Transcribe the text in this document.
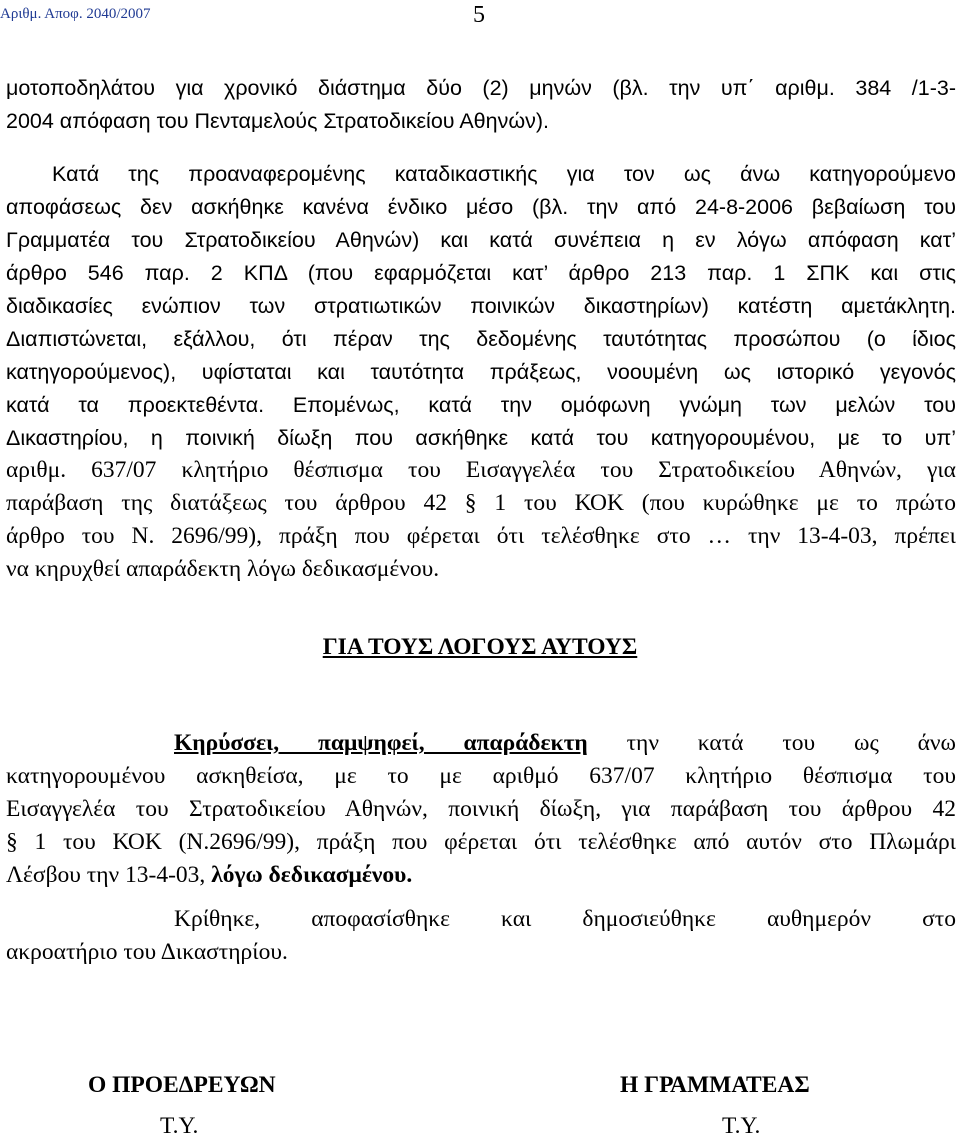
Αριθμ. Αποφ. 2040/2007	5

μοτοποδηλάτου για χρονικό διάστημα δύο (2) μηνών (βλ. την υπ΄ αριθμ. 384 /1-3-

2004 απόφαση του Πενταμελούς Στρατοδικείου Αθηνών).

Κατά της προαναφερομένης καταδικαστικής για τον ως άνω κατηγορούμενο

αποφάσεως δεν ασκήθηκε κανένα ένδικο μέσο (βλ. την από 24-8-2006 βεβαίωση του

Γραμματέα του Στρατοδικείου Αθηνών) και κατά συνέπεια η εν λόγω απόφαση κατ’

άρθρο 546 παρ. 2 ΚΠΔ (που εφαρμόζεται κατ’ άρθρο 213 παρ. 1 ΣΠΚ και στις

διαδικασίες ενώπιον των στρατιωτικών ποινικών δικαστηρίων) κατέστη αμετάκλητη.

Διαπιστώνεται, εξάλλου, ότι πέραν της δεδομένης ταυτότητας προσώπου (ο ίδιος

κατηγορούμενος), υφίσταται και ταυτότητα πράξεως, νοουμένη ως ιστορικό γεγονός

κατά τα προεκτεθέντα. Επομένως, κατά την ομόφωνη γνώμη των μελών του

Δικαστηρίου, η ποινική δίωξη που ασκήθηκε κατά του κατηγορουμένου, με το υπ’

αριθμ. 637/07 κλητήριο θέσπισμα του Εισαγγελέα του Στρατοδικείου Αθηνών, για

παράβαση της διατάξεως του άρθρου 42 § 1 του ΚΟΚ (που κυρώθηκε με το πρώτο

άρθρο του Ν. 2696/99), πράξη που φέρεται ότι τελέσθηκε στο … την 13-4-03, πρέπει

να κηρυχθεί απαράδεκτη λόγω δεδικασμένου.

ΓΙΑ ΤΟΥΣ ΛΟΓΟΥΣ ΑΥΤΟΥΣ

Κηρύσσει, παμψηφεί, απαράδεκτη την κατά του ως άνω

κατηγορουμένου ασκηθείσα, με το με αριθμό 637/07 κλητήριο θέσπισμα του

Εισαγγελέα του Στρατοδικείου Αθηνών, ποινική δίωξη, για παράβαση του άρθρου 42

§ 1 του ΚΟΚ (Ν.2696/99), πράξη που φέρεται ότι τελέσθηκε από αυτόν στο Πλωμάρι

Λέσβου την 13-4-03, λόγω δεδικασμένου.

Κρίθηκε, αποφασίσθηκε και δημοσιεύθηκε αυθημερόν στο

ακροατήριο του Δικαστηρίου.

Ο ΠΡΟΕΔΡΕΥΩΝ
Τ.Υ.
Η ΓΡΑΜΜΑΤΕΑΣ
Τ.Υ.
